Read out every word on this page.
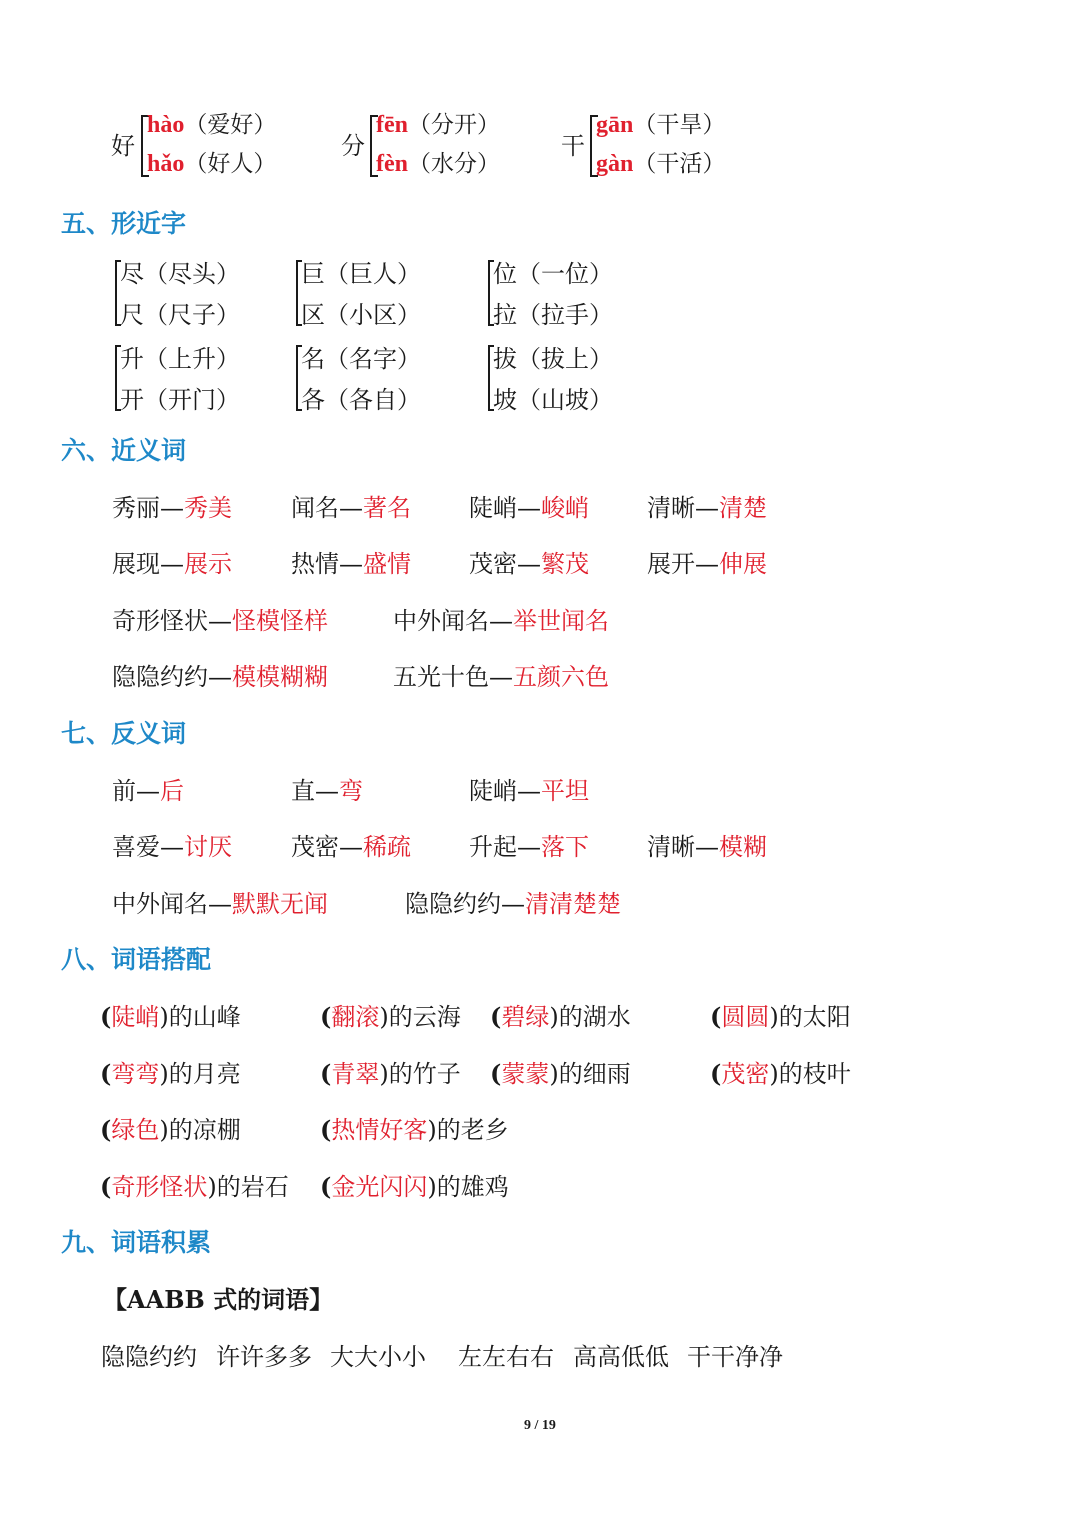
好
hào（爱好）
hǎo（好人）
分
fēn（分开）
fèn（水分）
干
gān（干旱）
gàn（干活）
五、形近字
尽（尽头）
尺（尺子）
巨（巨人）
区（小区）
位（一位）
拉（拉手）
升（上升）
开（开门）
名（名字）
各（各自）
拔（拔上）
坡（山坡）
六、近义词
秀丽—秀美 闻名—著名 陡峭—峻峭 清晰—清楚
展现—展示 热情—盛情 茂密—繁茂 展开—伸展
奇形怪状—怪模怪样	中外闻名—举世闻名
隐隐约约—模模糊糊	五光十色—五颜六色
七、反义词
前—后	直—弯	陡峭—平坦
喜爱—讨厌 茂密—稀疏 升起—落下 清晰—模糊
中外闻名—默默无闻	隐隐约约—清清楚楚
八、词语搭配
(陡峭)的山峰	(翻滚)的云海 (碧绿)的湖水	(圆圆)的太阳
(弯弯)的月亮	(青翠)的竹子 (蒙蒙)的细雨	(茂密)的枝叶
(绿色)的凉棚	(热情好客)的老乡
(奇形怪状)的岩石 (金光闪闪)的雄鸡
九、词语积累
【AABB 式的词语】
隐隐约约 许许多多 大大小小 左左右右 高高低低 干干净净
9 / 19
